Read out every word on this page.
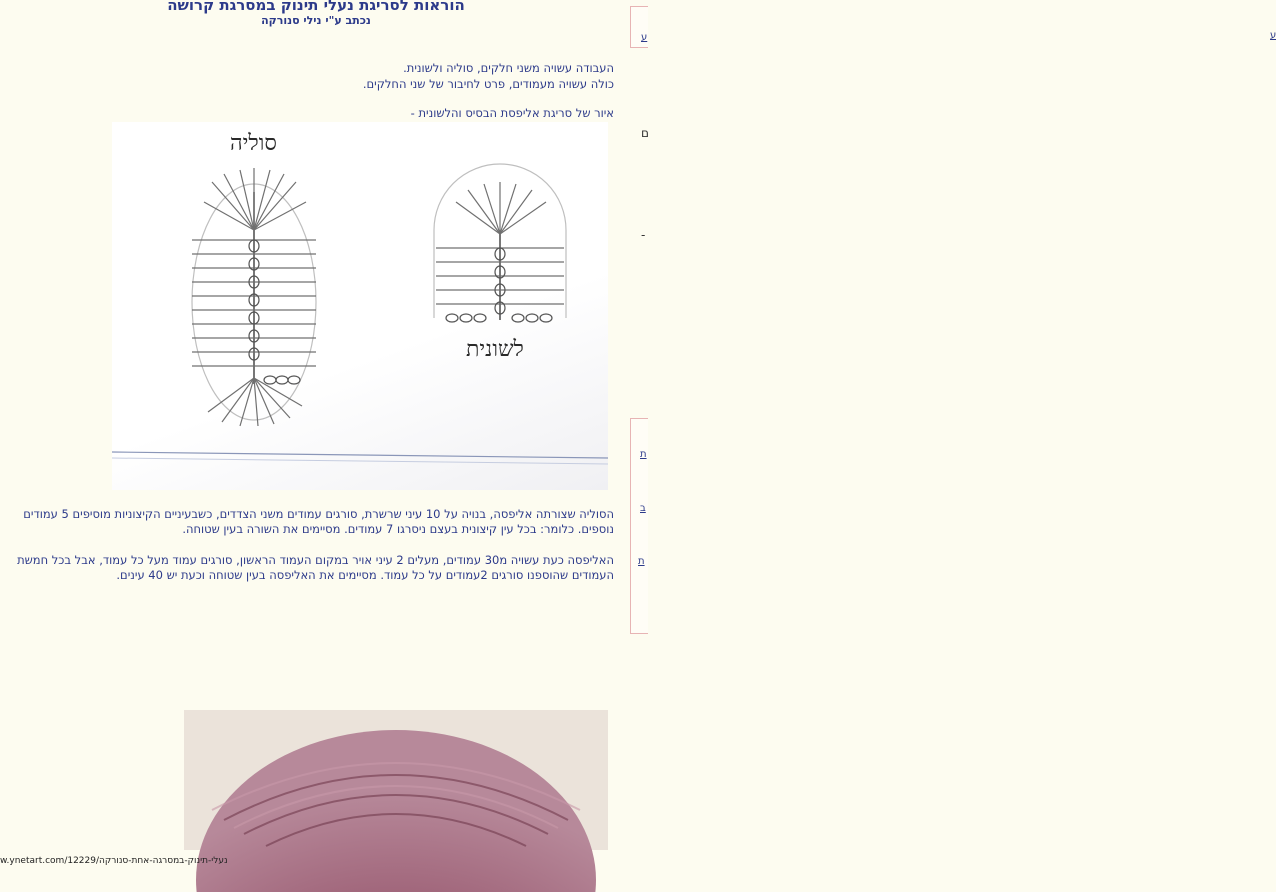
הוראות לסריגת נעלי תינוק במסרגת קרושה
נכתב ע"י נילי סנורקה
העבודה עשויה משני חלקים, סוליה ולשונית.
כולה עשויה מעמודים, פרט לחיבור של שני החלקים.
איור של סריגת אליפסת הבסיס והלשונית -
סוליה
לשונית
הסוליה שצורתה אליפסה, בנויה על 10 עיני שרשרת, סורגים עמודים משני הצדדים, כשבעיניים הקיצוניות מוסיפים 5 עמודים נוספים. כלומר: בכל עין קיצונית בעצם ניסרגו 7 עמודים. מסיימים את השורה בעין שטוחה.
האליפסה כעת עשויה מ30 עמודים, מעלים 2 עיני אויר במקום העמוד הראשון, סורגים עמוד מעל כל עמוד, אבל בכל חמשת העמודים שהוספנו סורגים 2עמודים על כל עמוד. מסיימים את האליפסה בעין שטוחה וכעת יש 40 עינים.
w.ynetart.com/12229/נעלי-תינוק-במסרגה-אחת-סנורקה
ע
ע
ם
-
ת
ב
ת
